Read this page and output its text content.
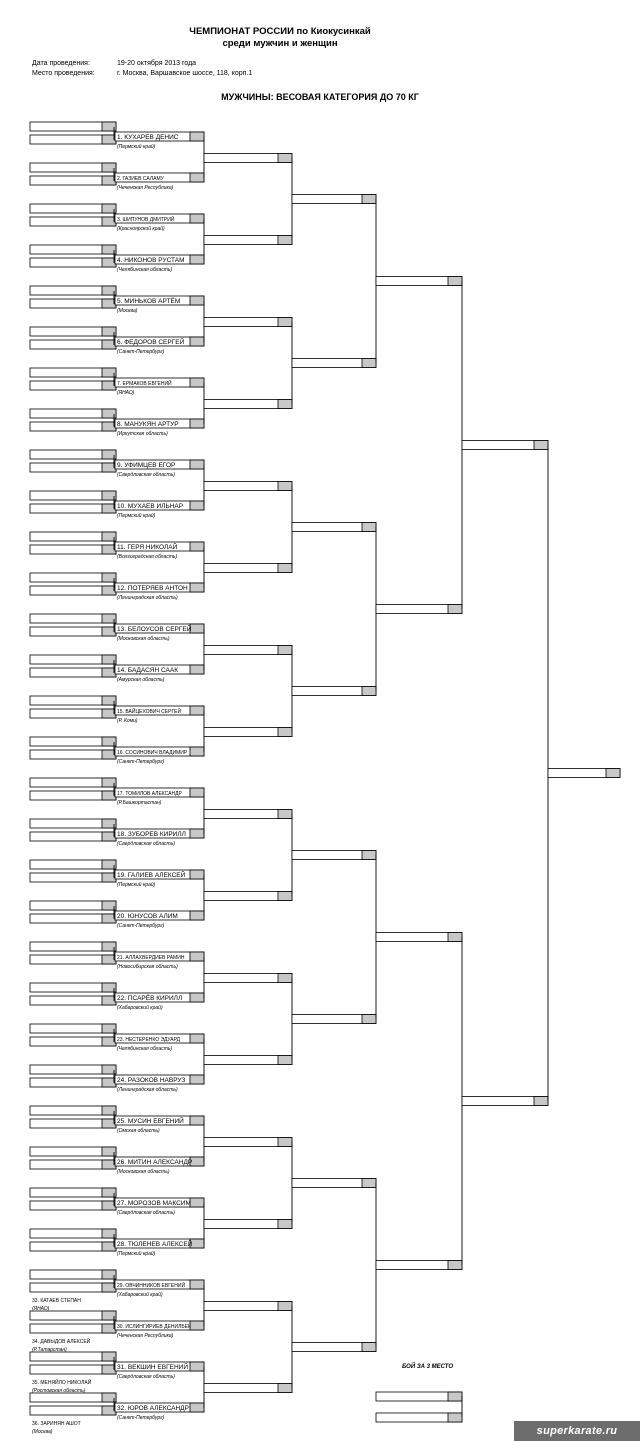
ЧЕМПИОНАТ РОССИИ по Киокусинкай
среди мужчин и женщин
Дата проведения:	19-20 октября 2013 года
Место проведения:	г. Москва, Варшавское шоссе, 118, корп.1
МУЖЧИНЫ: ВЕСОВАЯ КАТЕГОРИЯ ДО 70 КГ
1. КУХАРЕВ ДЕНИС
(Пермский край)
2. ГАЗИЕВ САЛАМУ
(Чеченская Республика)
3. ШИПУНОВ ДМИТРИЙ
(Красноярский край)
4. НИКОНОВ РУСТАМ
(Челябинская область)
5. МИНЬКОВ АРТЁМ
(Москва)
6. ФЕДОРОВ СЕРГЕЙ
(Санкт-Петербург)
7. ЕРМАКОВ ЕВГЕНИЙ
(ЯНАО)
8. МАНУКЯН АРТУР
(Иркутская область)
9. УФИМЦЕВ ЕГОР
(Свердловская область)
10. МУХАЕВ ИЛЬНАР
(Пермский край)
11. ГЕРЯ НИКОЛАЙ
(Волгоградская область)
12. ПОТЕРЯЕВ АНТОН
(Ленинградская область)
13. БЕЛОУСОВ СЕРГЕЙ
(Московская область)
14. БАДАСЯН СААК
(Амурская область)
15. ВАЙЦЕХОВИЧ СЕРГЕЙ
(Р. Коми)
16. СОСИНОВИЧ ВЛАДИМИР
(Санкт-Петербург)
17. ТОМИЛОВ АЛЕКСАНДР
(Р.Башкортастан)
18. ЗУБОРЕВ КИРИЛЛ
(Свердловская область)
19. ГАЛИЕВ АЛЕКСЕЙ
(Пермский край)
20. ЮНУСОВ АЛИМ
(Санкт-Петербург)
21. АЛЛАХВЕРДИЕВ РАМИН
(Новосибирская область)
22. ПСАРЁВ КИРИЛЛ
(Хабаровский край)
23. НЕСТЕРЕНКО ЭДУАРД
(Челябинская область)
24. РАЗОКОВ НАВРУЗ
(Ленинградская область)
25. МУСИН ЕВГЕНИЙ
(Омская область)
26. МИТИН АЛЕКСАНДР
(Московская область)
27. МОРОЗОВ МАКСИМ
(Свердловская область)
28. ТЮЛЕНЕВ АЛЕКСЕЙ
(Пермский край)
29. ОВЧИННИКОВ ЕВГЕНИЙ
(Хабаровский край)
30. ИСЛИНГИРИЕВ ДЕНИЛБЕК
(Чеченская Республика)
31. ВЕКШИН ЕВГЕНИЙ
(Свердловская область)
32. ЮРОВ АЛЕКСАНДР
(Санкт-Петербург)
33. КАТАЕВ СТЕПАН
(ЯНАО)
34. ДАВЫДОВ АЛЕКСЕЙ
(Р.Татарстан)
35. МЕНЯЙЛО НИКОЛАЙ
(Ростовская область)
36. ЗАРИНЯН АШОТ
(Москва)
БОЙ ЗА 3 МЕСТО
superkarate.ru
